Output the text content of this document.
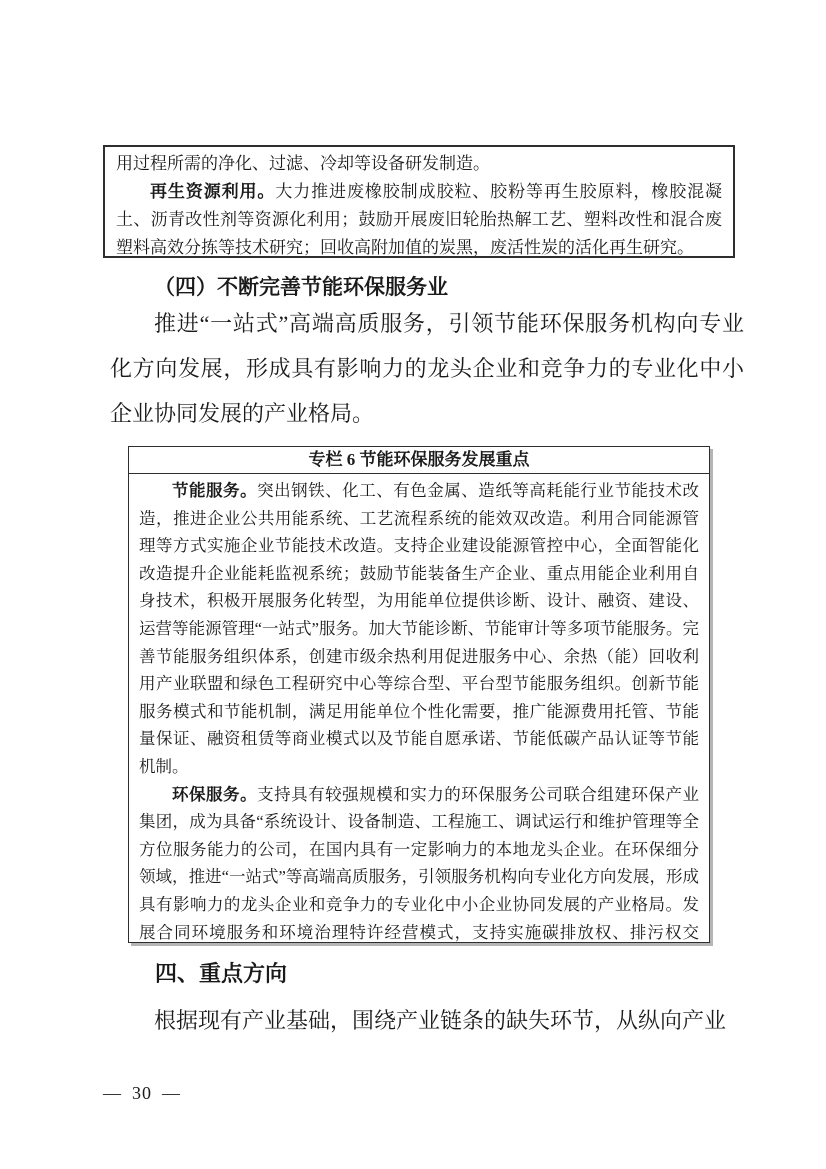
用过程所需的净化、过滤、冷却等设备研发制造。

再生资源利用。大力推进废橡胶制成胶粒、胶粉等再生胶原料，橡胶混凝土、沥青改性剂等资源化利用；鼓励开展废旧轮胎热解工艺、塑料改性和混合废塑料高效分拣等技术研究；回收高附加值的炭黑，废活性炭的活化再生研究。

（四）不断完善节能环保服务业
推进“一站式”高端高质服务，引领节能环保服务机构向专业化方向发展，形成具有影响力的龙头企业和竞争力的专业化中小企业协同发展的产业格局。
专栏 6 节能环保服务发展重点

节能服务。突出钢铁、化工、有色金属、造纸等高耗能行业节能技术改造，推进企业公共用能系统、工艺流程系统的能效双改造。利用合同能源管理等方式实施企业节能技术改造。支持企业建设能源管控中心，全面智能化改造提升企业能耗监视系统；鼓励节能装备生产企业、重点用能企业利用自身技术，积极开展服务化转型，为用能单位提供诊断、设计、融资、建设、运营等能源管理“一站式”服务。加大节能诊断、节能审计等多项节能服务。完善节能服务组织体系，创建市级余热利用促进服务中心、余热（能）回收利用产业联盟和绿色工程研究中心等综合型、平台型节能服务组织。创新节能服务模式和节能机制，满足用能单位个性化需要，推广能源费用托管、节能量保证、融资租赁等商业模式以及节能自愿承诺、节能低碳产品认证等节能机制。

环保服务。支持具有较强规模和实力的环保服务公司联合组建环保产业集团，成为具备“系统设计、设备制造、工程施工、调试运行和维护管理等全方位服务能力的公司，在国内具有一定影响力的本地龙头企业。在环保细分领域，推进“一站式”等高端高质服务，引领服务机构向专业化方向发展，形成具有影响力的龙头企业和竞争力的专业化中小企业协同发展的产业格局。发展合同环境服务和环境治理特许经营模式，支持实施碳排放权、排污权交

四、重点方向
根据现有产业基础，围绕产业链条的缺失环节，从纵向产业
— 30 —
